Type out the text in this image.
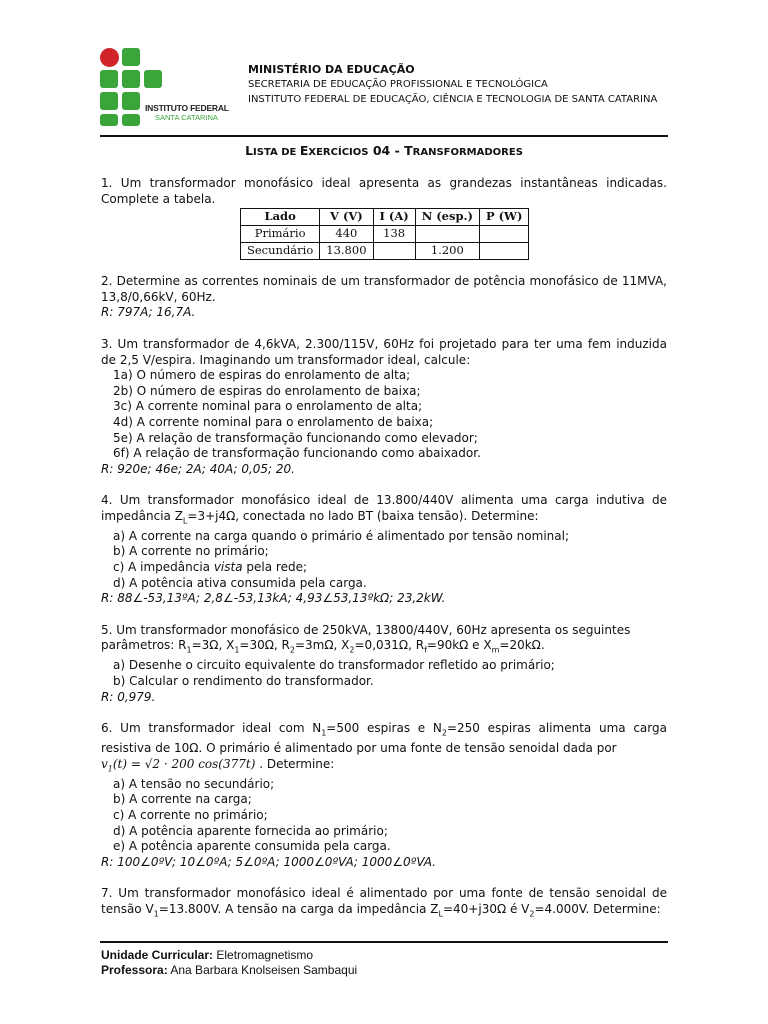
INSTITUTO FEDERAL
SANTA CATARINA
MINISTÉRIO DA EDUCAÇÃO
SECRETARIA DE EDUCAÇÃO PROFISSIONAL E TECNOLÓGICA
INSTITUTO FEDERAL DE EDUCAÇÃO, CIÊNCIA E TECNOLOGIA DE SANTA CATARINA
LISTA DE EXERCÍCIOS 04 - TRANSFORMADORES

1. Um transformador monofásico ideal apresenta as grandezas instantâneas indicadas. Complete a tabela.

Lado	V (V)	I (A)	N (esp.)	P (W)
Primário	440	138		
Secundário	13.800		1.200	

2. Determine as correntes nominais de um transformador de potência monofásico de 11MVA, 13,8/0,66kV, 60Hz.

R: 797A; 16,7A.

3. Um transformador de 4,6kVA, 2.300/115V, 60Hz foi projetado para ter uma fem induzida de 2,5 V/espira. Imaginando um transformador ideal, calcule:

1a) O número de espiras do enrolamento de alta;
2b) O número de espiras do enrolamento de baixa;
3c) A corrente nominal para o enrolamento de alta;
4d) A corrente nominal para o enrolamento de baixa;
5e) A relação de transformação funcionando como elevador;
6f) A relação de transformação funcionando como abaixador.

R: 920e; 46e; 2A; 40A; 0,05; 20.

4. Um transformador monofásico ideal de 13.800/440V alimenta uma carga indutiva de impedância $Z_L=3+j4\Omega$, conectada no lado BT (baixa tensão). Determine:

a) A corrente na carga quando o primário é alimentado por tensão nominal;
b) A corrente no primário;
c) A impedância vista pela rede;
d) A potência ativa consumida pela carga.

R: 88∠-53,13ºA; 2,8∠-53,13kA; 4,93∠53,13ºkΩ; 23,2kW.

5. Um transformador monofásico de 250kVA, 13800/440V, 60Hz apresenta os seguintes
parâmetros: $R_1=3\Omega$, $X_1=30\Omega$, $R_2=3m\Omega$, $X_2=0,031\Omega$, $R_f=90k\Omega$ e $X_m=20k\Omega$.

a) Desenhe o circuito equivalente do transformador refletido ao primário;
b) Calcular o rendimento do transformador.

R: 0,979.

6. Um transformador ideal com $N_1=500$ espiras e $N_2=250$ espiras alimenta uma carga resistiva de 10Ω. O primário é alimentado por uma fonte de tensão senoidal dada por
$v_1(t) = √2 \cdot 200$ cos(377t) . Determine:

a) A tensão no secundário;
b) A corrente na carga;
c) A corrente no primário;
d) A potência aparente fornecida ao primário;
e) A potência aparente consumida pela carga.

R: 100∠0ºV; 10∠0ºA; 5∠0ºA; 1000∠0ºVA; 1000∠0ºVA.

7. Um transformador monofásico ideal é alimentado por uma fonte de tensão senoidal de tensão $V_1=13.800V$. A tensão na carga da impedância $Z_L=40+j30\Omega$ é $V_2=4.000V$. Determine:

Unidade Curricular: Eletromagnetismo
Professora: Ana Barbara Knolseisen Sambaqui
